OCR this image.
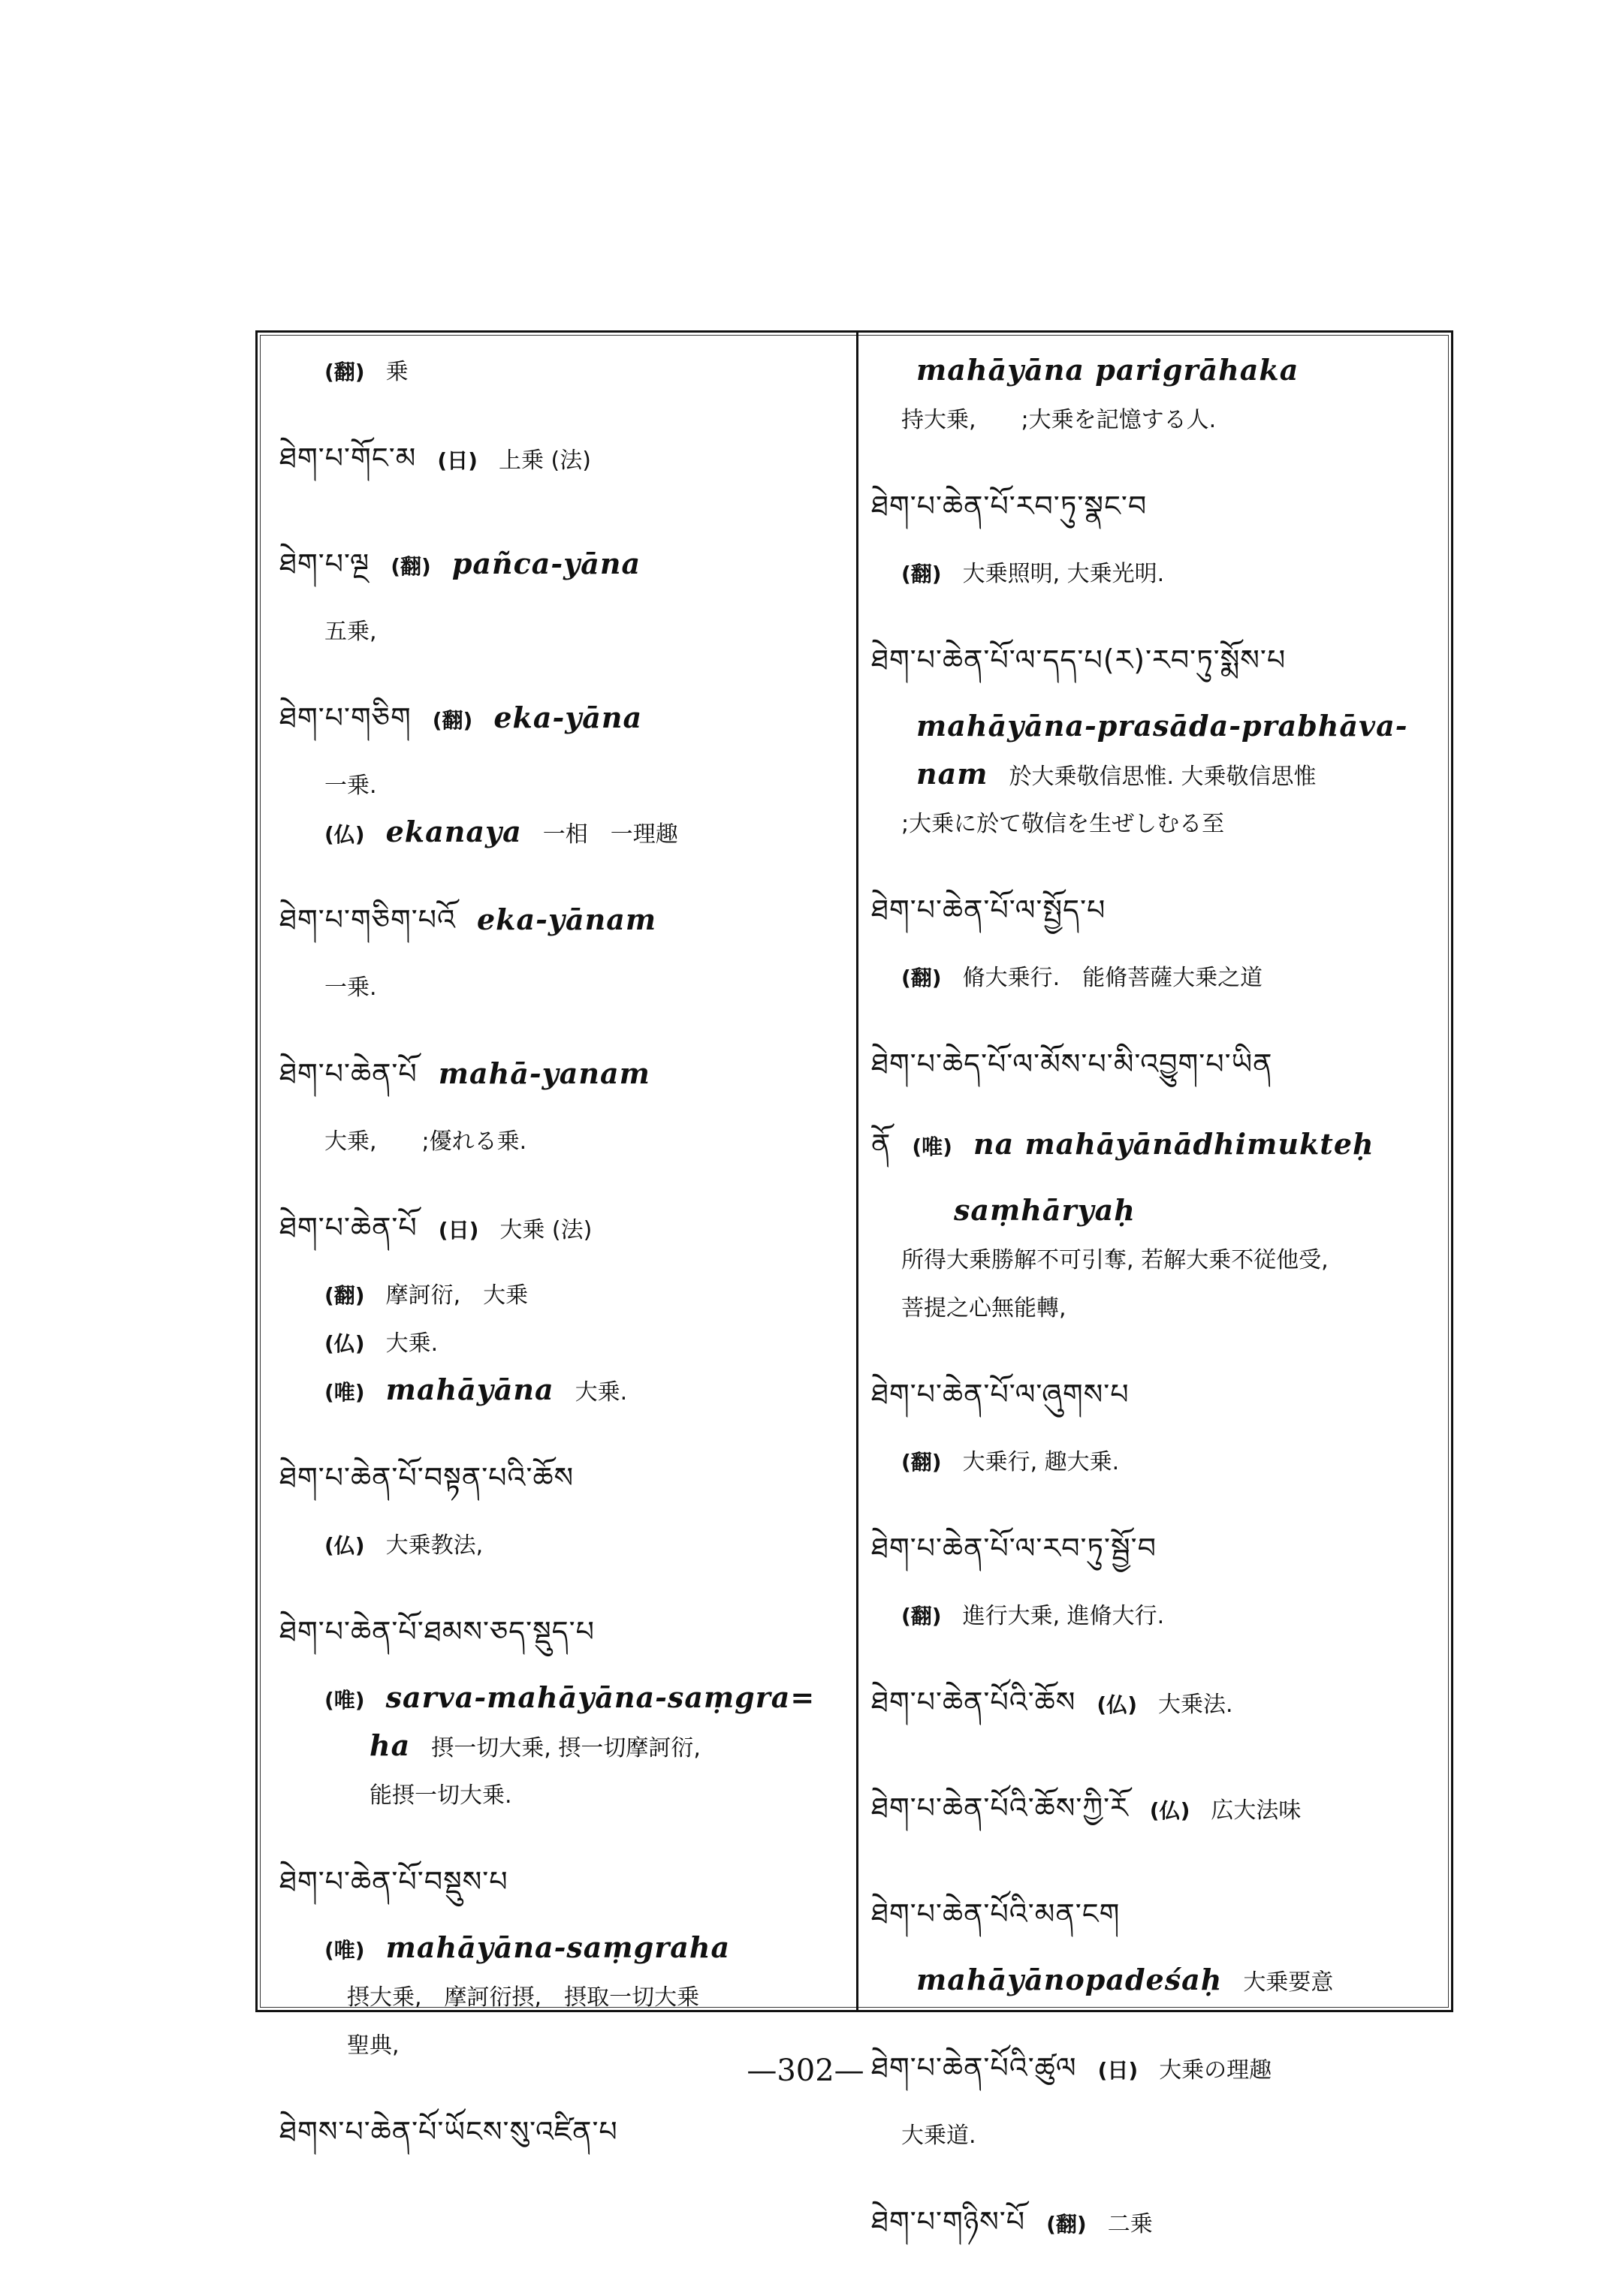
(翻) 乗
ཐེག་པ་གོང་མ (日) 上乗 (法)
ཐེག་པ་ལྔ (翻) pañca-yāna
五乗,
ཐེག་པ་གཅིག (翻) eka-yāna
一乗.
(仏) ekanaya 一相　一理趣
ཐེག་པ་གཅིག་པའོ eka-yānam
一乗.
ཐེག་པ་ཆེན་པོ mahā-yanam
大乗,　　;優れる乗.
ཐེག་པ་ཆེན་པོ (日) 大乗 (法)
(翻) 摩訶衍,　大乗
(仏) 大乗.
(唯) mahāyāna 大乗.
ཐེག་པ་ཆེན་པོ་བསྟན་པའི་ཆོས
(仏) 大乗教法,
ཐེག་པ་ཆེན་པོ་ཐམས་ཅད་སྡུད་པ
(唯) sarva-mahāyāna-saṃgra=
ha 摂一切大乗, 摂一切摩訶衍,
能摂一切大乗.
ཐེག་པ་ཆེན་པོ་བསྡུས་པ
(唯) mahāyāna-saṃgraha
摂大乗,　摩訶衍摂,　摂取一切大乗
聖典,
ཐེགས་པ་ཆེན་པོ་ཡོངས་སུ་འཛིན་པ
mahāyāna parigrāhaka
持大乗,　　;大乗を記憶する人.
ཐེག་པ་ཆེན་པོ་རབ་ཏུ་སྣང་བ
(翻) 大乗照明, 大乗光明.
ཐེག་པ་ཆེན་པོ་ལ་དད་པ(ར)་རབ་ཏུ་སྨོས་པ
mahāyāna-prasāda-prabhāva-
nam 於大乗敬信思惟. 大乗敬信思惟
;大乗に於て敬信を生ぜしむる至
ཐེག་པ་ཆེན་པོ་ལ་སྤྱོད་པ
(翻) 脩大乗行.　能脩菩薩大乗之道
ཐེག་པ་ཆེད་པོ་ལ་མོས་པ་མི་འབྱུག་པ་ཡིན
ནོ (唯) na mahāyānādhimukteḥ
saṃhāryaḥ
所得大乗勝解不可引奪, 若解大乗不従他受,
菩提之心無能轉,
ཐེག་པ་ཆེན་པོ་ལ་ཞུགས་པ
(翻) 大乗行, 趣大乗.
ཐེག་པ་ཆེན་པོ་ལ་རབ་ཏུ་སྦྱོ་བ
(翻) 進行大乗, 進脩大行.
ཐེག་པ་ཆེན་པོའི་ཆོས (仏) 大乗法.
ཐེག་པ་ཆེན་པོའི་ཆོས་ཀྱི་རོ (仏) 広大法味
ཐེག་པ་ཆེན་པོའི་མན་ངག
mahāyānopadeśaḥ 大乗要意
ཐེག་པ་ཆེན་པོའི་ཚུལ (日) 大乗の理趣
大乗道.
ཐེག་པ་གཉིས་པོ (翻) 二乗
—302—
